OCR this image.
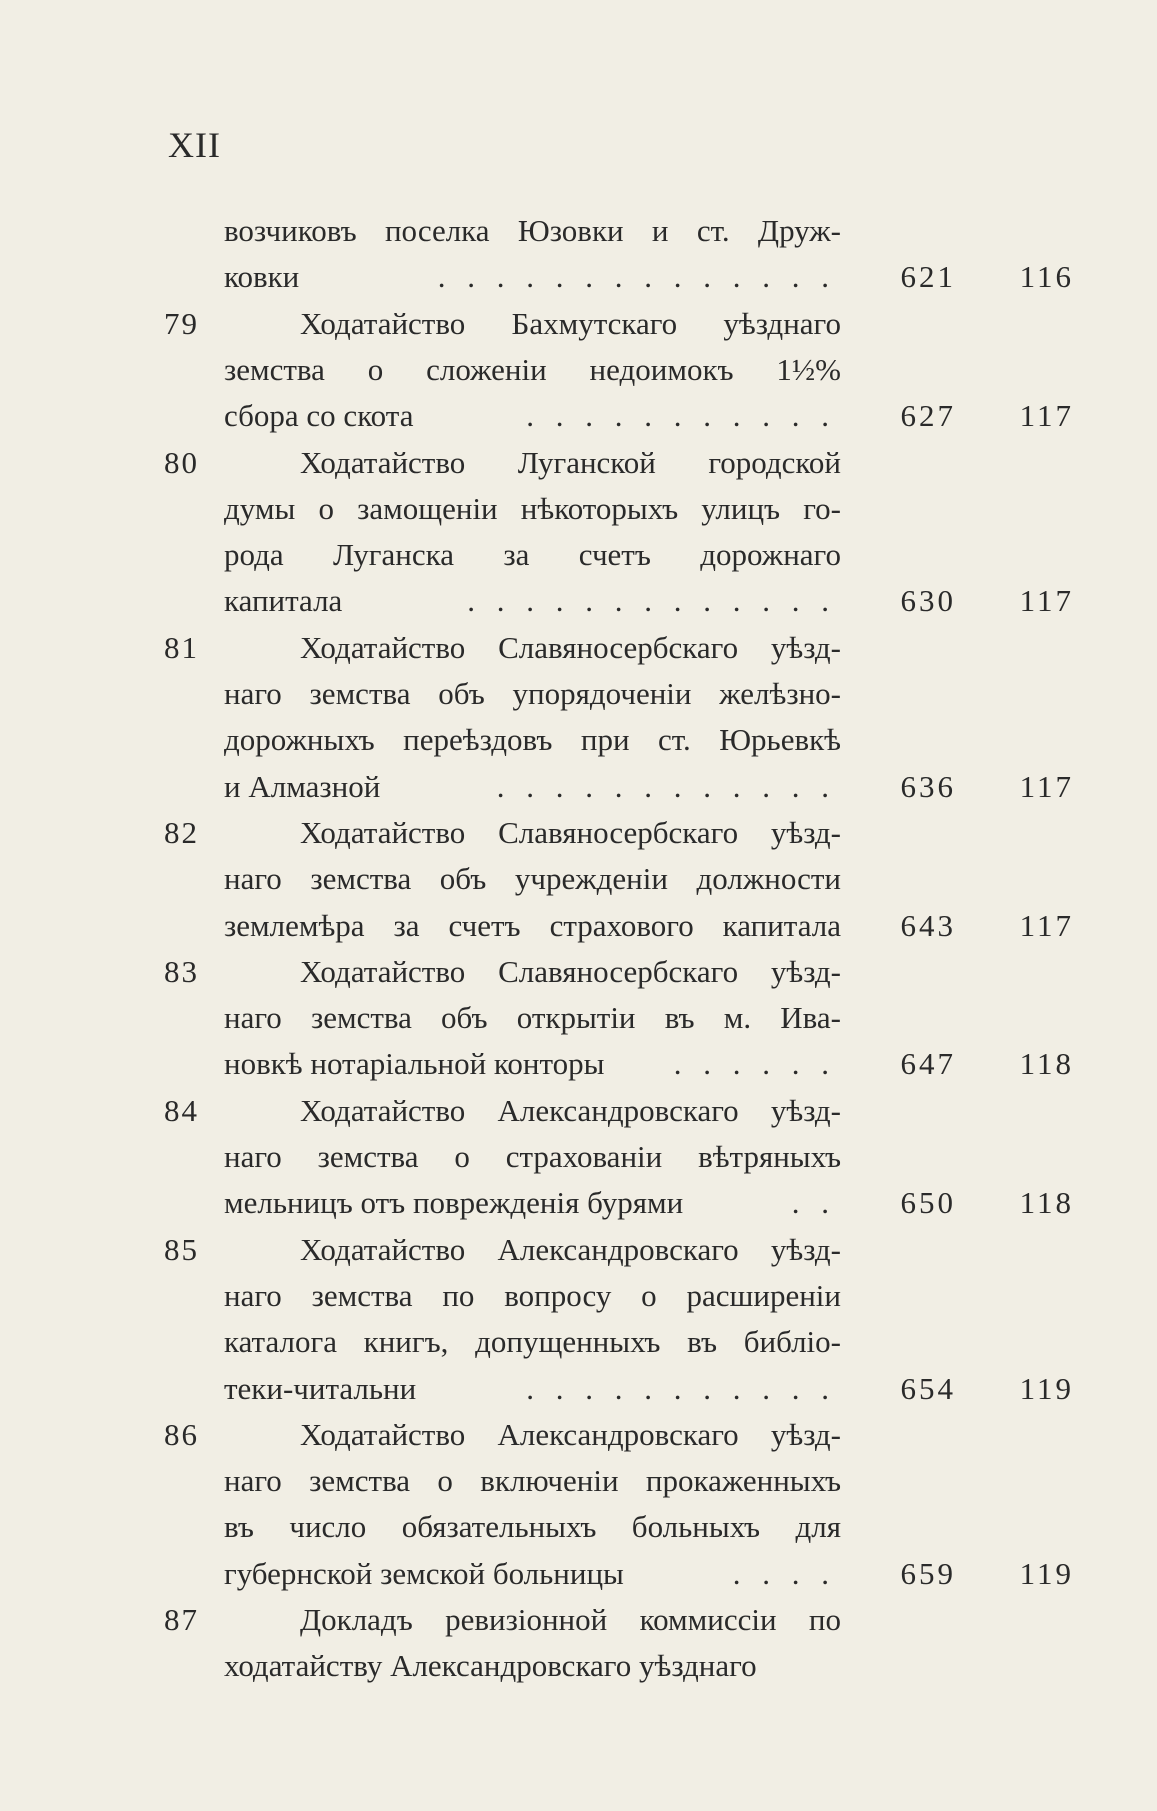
XII
возчиковъ поселка Юзовки и ст. Друж-
ковки	. . . . . . . . . . . . . . 621 116
79	Ходатайство Бахмутскаго уѣзднаго
земства о сложеніи недоимокъ 1½%
сбора со скота	. . . . . . . . . . . 627 117
80	Ходатайство Луганской городской
думы о замощеніи нѣкоторыхъ улицъ го-
рода Луганска за счетъ дорожнаго
капитала	. . . . . . . . . . . . . 630 117
81	Ходатайство Славяносербскаго уѣзд-
наго земства объ упорядоченіи желѣзно-
дорожныхъ переѣздовъ при ст. Юрьевкѣ
и Алмазной	. . . . . . . . . . . . 636 117
82	Ходатайство Славяносербскаго уѣзд-
наго земства объ учрежденіи должности
землемѣра за счетъ страхового капитала 643 117
83	Ходатайство Славяносербскаго уѣзд-
наго земства объ открытіи въ м. Ива-
новкѣ нотаріальной конторы	. . . . . . 647 118
84	Ходатайство Александровскаго уѣзд-
наго земства о страхованіи вѣтряныхъ
мельницъ отъ поврежденія бурями	. . 650 118
85	Ходатайство Александровскаго уѣзд-
наго земства по вопросу о расширеніи
каталога книгъ, допущенныхъ въ библіо-
теки-читальни	. . . . . . . . . . . 654 119
86	Ходатайство Александровскаго уѣзд-
наго земства о включеніи прокаженныхъ
въ число обязательныхъ больныхъ для
губернской земской больницы	. . . . 659 119
87	Докладъ ревизіонной коммиссіи по
ходатайству Александровскаго уѣзднаго
